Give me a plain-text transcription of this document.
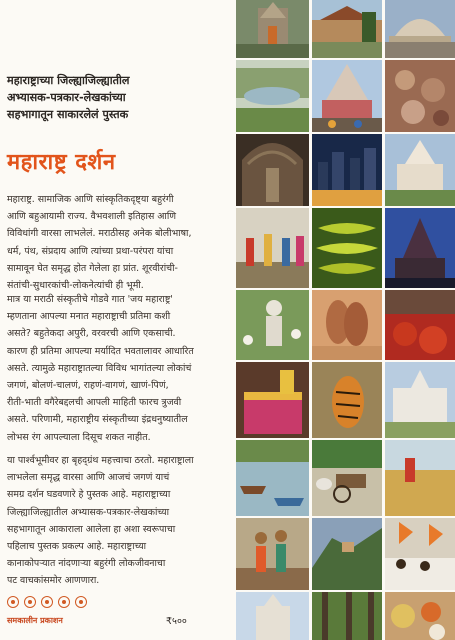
महाराष्ट्राच्या जिल्ह्याजिल्ह्यातील
अभ्यासक-पत्रकार-लेखकांच्या
सहभागातून साकारलेलं पुस्तक
महाराष्ट्र दर्शन
महाराष्ट्र. सामाजिक आणि सांस्कृतिकदृष्ट्या बहुरंगी
आणि बहुआयामी राज्य. वैभवशाली इतिहास आणि
विविधांगी वारसा लाभलेलं. मराठीसह अनेक बोलीभाषा,
धर्म, पंथ, संप्रदाय आणि त्यांच्या प्रथा-परंपरा यांचा
सामावून घेत समृद्ध होत गेलेला हा प्रांत. शूरवीरांची-
संतांची-सुधारकांची-लोकनेत्यांची ही भूमी.
मात्र या मराठी संस्कृतीचे गोडवे गात 'जय महाराष्ट्र'
म्हणताना आपल्या मनात महाराष्ट्राची प्रतिमा कशी
असते? बहुतेकदा अपुरी, वरवरची आणि एकसाची.
कारण ही प्रतिमा आपल्या मर्यादित भवतालावर आधारित
असते. त्यामुळे महाराष्ट्रातल्या विविध भागांतल्या लोकांचं
जगणं, बोलणं-चालणं, राहणं-वागणं, खाणं-पिणं,
रीती-भाती वगैरेबद्दलची आपली माहिती फारच त्रुजवी
असते. परिणामी, महाराष्ट्रीय संस्कृतीच्या इंद्रधनुष्यातील
लोभस रंग आपल्याला दिसूच शकत नाहीत.
या पार्श्वभूमीवर हा बृहद्ग्रंथ महत्त्वाचा ठरतो. महाराष्ट्राला
लाभलेला समृद्ध वारसा आणि आजचं जगणं याचं
समग्र दर्शन घडवणारे हे पुस्तक आहे. महाराष्ट्राच्या
जिल्ह्याजिल्ह्यातील अभ्यासक-पत्रकार-लेखकांच्या
सहभागातून आकाराला आलेला हा अशा स्वरूपाचा
पहिलाच पुस्तक प्रकल्प आहे. महाराष्ट्राच्या
कानाकोपऱ्यात नांदणाऱ्या बहुरंगी लोकजीवनाचा
पट वाचकांसमोर आणणारा.
समकालीन प्रकाशन	₹५००
